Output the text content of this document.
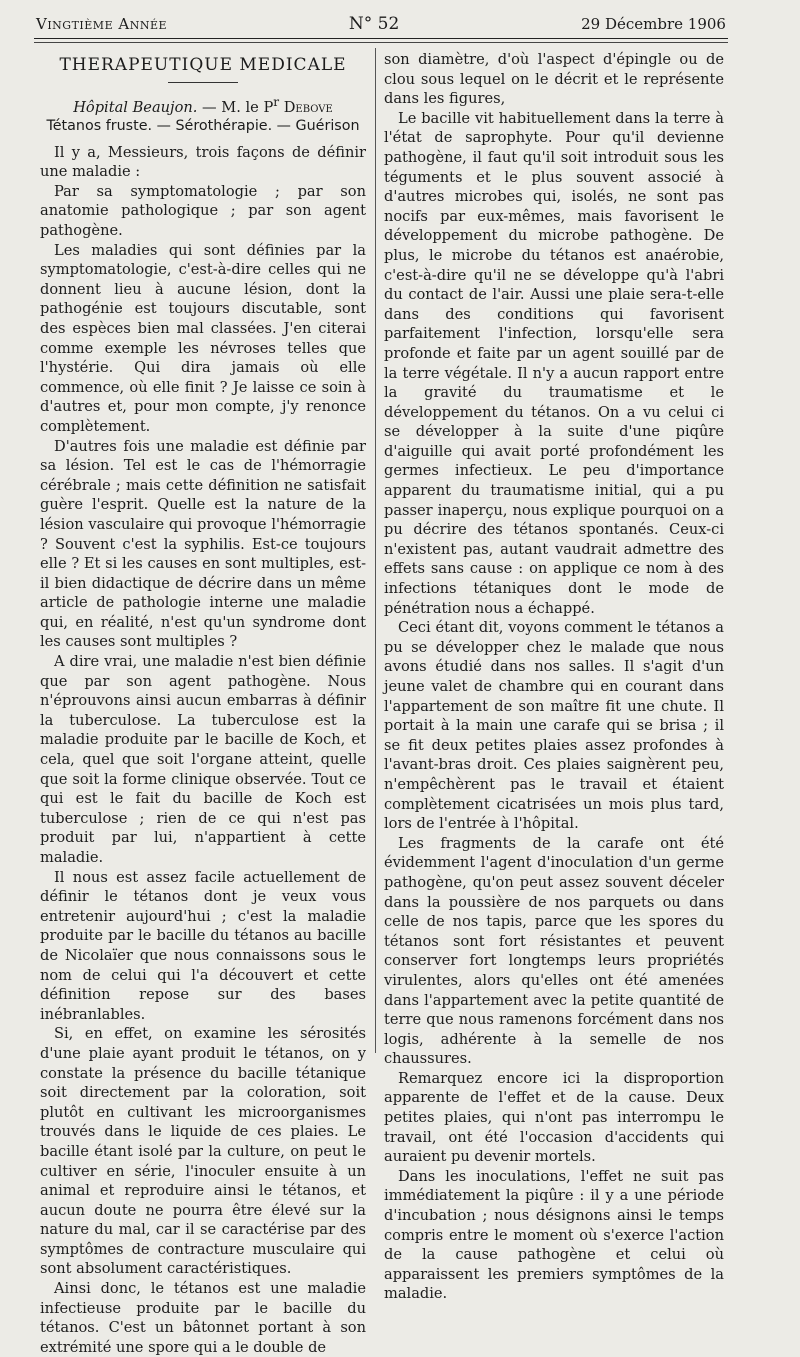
Vingtième Année	N° 52	29 Décembre 1906
THERAPEUTIQUE MEDICALE
Hôpital Beaujon. — M. le $P^r$ Debove
Tétanos fruste. — Sérothérapie. — Guérison

Il y a, Messieurs, trois façons de définir une maladie :

Par sa symptomatologie ; par son anatomie pathologique ; par son agent pathogène.

Les maladies qui sont définies par la symptomatologie, c'est-à-dire celles qui ne donnent lieu à aucune lésion, dont la pathogénie est toujours discutable, sont des espèces bien mal classées. J'en citerai comme exemple les névroses telles que l'hystérie. Qui dira jamais où elle commence, où elle finit ? Je laisse ce soin à d'autres et, pour mon compte, j'y renonce complètement.

D'autres fois une maladie est définie par sa lésion. Tel est le cas de l'hémorragie cérébrale ; mais cette définition ne satisfait guère l'esprit. Quelle est la nature de la lésion vasculaire qui provoque l'hémorragie ? Souvent c'est la syphilis. Est-ce toujours elle ? Et si les causes en sont multiples, est-il bien didactique de décrire dans un même article de pathologie interne une maladie qui, en réalité, n'est qu'un syndrome dont les causes sont multiples ?

A dire vrai, une maladie n'est bien définie que par son agent pathogène. Nous n'éprouvons ainsi aucun embarras à définir la tuberculose. La tuberculose est la maladie produite par le bacille de Koch, et cela, quel que soit l'organe atteint, quelle que soit la forme clinique observée. Tout ce qui est le fait du bacille de Koch est tuberculose ; rien de ce qui n'est pas produit par lui, n'appartient à cette maladie.

Il nous est assez facile actuellement de définir le tétanos dont je veux vous entretenir aujourd'hui ; c'est la maladie produite par le bacille du tétanos au bacille de Nicolaïer que nous connaissons sous le nom de celui qui l'a découvert et cette définition repose sur des bases inébranlables.

Si, en effet, on examine les sérosités d'une plaie ayant produit le tétanos, on y constate la présence du bacille tétanique soit directement par la coloration, soit plutôt en cultivant les microorganismes trouvés dans le liquide de ces plaies. Le bacille étant isolé par la culture, on peut le cultiver en série, l'inoculer ensuite à un animal et reproduire ainsi le tétanos, et aucun doute ne pourra être élevé sur la nature du mal, car il se caractérise par des symptômes de contracture musculaire qui sont absolument caractéristiques.

Ainsi donc, le tétanos est une maladie infectieuse produite par le bacille du tétanos. C'est un bâtonnet portant à son extrémité une spore qui a le double de

son diamètre, d'où l'aspect d'épingle ou de clou sous lequel on le décrit et le représente dans les figures,

Le bacille vit habituellement dans la terre à l'état de saprophyte. Pour qu'il devienne pathogène, il faut qu'il soit introduit sous les téguments et le plus souvent associé à d'autres microbes qui, isolés, ne sont pas nocifs par eux-mêmes, mais favorisent le développement du microbe pathogène. De plus, le microbe du tétanos est anaérobie, c'est-à-dire qu'il ne se développe qu'à l'abri du contact de l'air. Aussi une plaie sera-t-elle dans des conditions qui favorisent parfaitement l'infection, lorsqu'elle sera profonde et faite par un agent souillé par de la terre végétale. Il n'y a aucun rapport entre la gravité du traumatisme et le développement du tétanos. On a vu celui ci se développer à la suite d'une piqûre d'aiguille qui avait porté profondément les germes infectieux. Le peu d'importance apparent du traumatisme initial, qui a pu passer inaperçu, nous explique pourquoi on a pu décrire des tétanos spontanés. Ceux-ci n'existent pas, autant vaudrait admettre des effets sans cause : on applique ce nom à des infections tétaniques dont le mode de pénétration nous a échappé.

Ceci étant dit, voyons comment le tétanos a pu se développer chez le malade que nous avons étudié dans nos salles. Il s'agit d'un jeune valet de chambre qui en courant dans l'appartement de son maître fit une chute. Il portait à la main une carafe qui se brisa ; il se fit deux petites plaies assez profondes à l'avant-bras droit. Ces plaies saignèrent peu, n'empêchèrent pas le travail et étaient complètement cicatrisées un mois plus tard, lors de l'entrée à l'hôpital.

Les fragments de la carafe ont été évidemment l'agent d'inoculation d'un germe pathogène, qu'on peut assez souvent déceler dans la poussière de nos parquets ou dans celle de nos tapis, parce que les spores du tétanos sont fort résistantes et peuvent conserver fort longtemps leurs propriétés virulentes, alors qu'elles ont été amenées dans l'appartement avec la petite quantité de terre que nous ramenons forcément dans nos logis, adhérente à la semelle de nos chaussures.

Remarquez encore ici la disproportion apparente de l'effet et de la cause. Deux petites plaies, qui n'ont pas interrompu le travail, ont été l'occasion d'accidents qui auraient pu devenir mortels.

Dans les inoculations, l'effet ne suit pas immédiatement la piqûre : il y a une période d'incubation ; nous désignons ainsi le temps compris entre le moment où s'exerce l'action de la cause pathogène et celui où apparaissent les premiers symptômes de la maladie.
